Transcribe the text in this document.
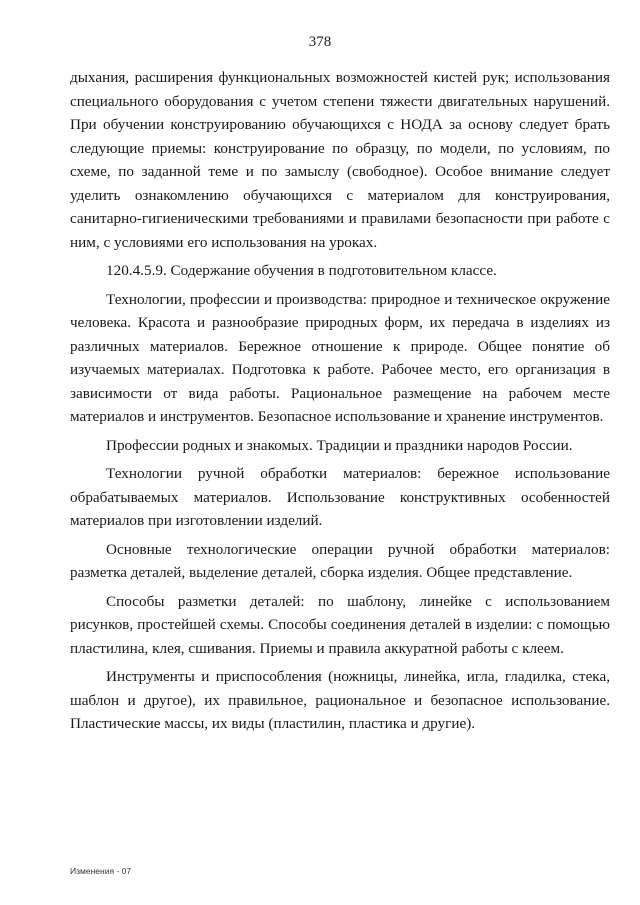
378

дыхания, расширения функциональных возможностей кистей рук; использования специального оборудования с учетом степени тяжести двигательных нарушений. При обучении конструированию обучающихся с НОДА за основу следует брать следующие приемы: конструирование по образцу, по модели, по условиям, по схеме, по заданной теме и по замыслу (свободное). Особое внимание следует уделить ознакомлению обучающихся с материалом для конструирования, санитарно-гигиеническими требованиями и правилами безопасности при работе с ним, с условиями его использования на уроках.

120.4.5.9. Содержание обучения в подготовительном классе.

Технологии, профессии и производства: природное и техническое окружение человека. Красота и разнообразие природных форм, их передача в изделиях из различных материалов. Бережное отношение к природе. Общее понятие об изучаемых материалах. Подготовка к работе. Рабочее место, его организация в зависимости от вида работы. Рациональное размещение на рабочем месте материалов и инструментов. Безопасное использование и хранение инструментов.

Профессии родных и знакомых. Традиции и праздники народов России.

Технологии ручной обработки материалов: бережное использование обрабатываемых материалов. Использование конструктивных особенностей материалов при изготовлении изделий.

Основные технологические операции ручной обработки материалов: разметка деталей, выделение деталей, сборка изделия. Общее представление.

Способы разметки деталей: по шаблону, линейке с использованием рисунков, простейшей схемы. Способы соединения деталей в изделии: с помощью пластилина, клея, сшивания. Приемы и правила аккуратной работы с клеем.

Инструменты и приспособления (ножницы, линейка, игла, гладилка, стека, шаблон и другое), их правильное, рациональное и безопасное использование. Пластические массы, их виды (пластилин, пластика и другие).

Изменения - 07
